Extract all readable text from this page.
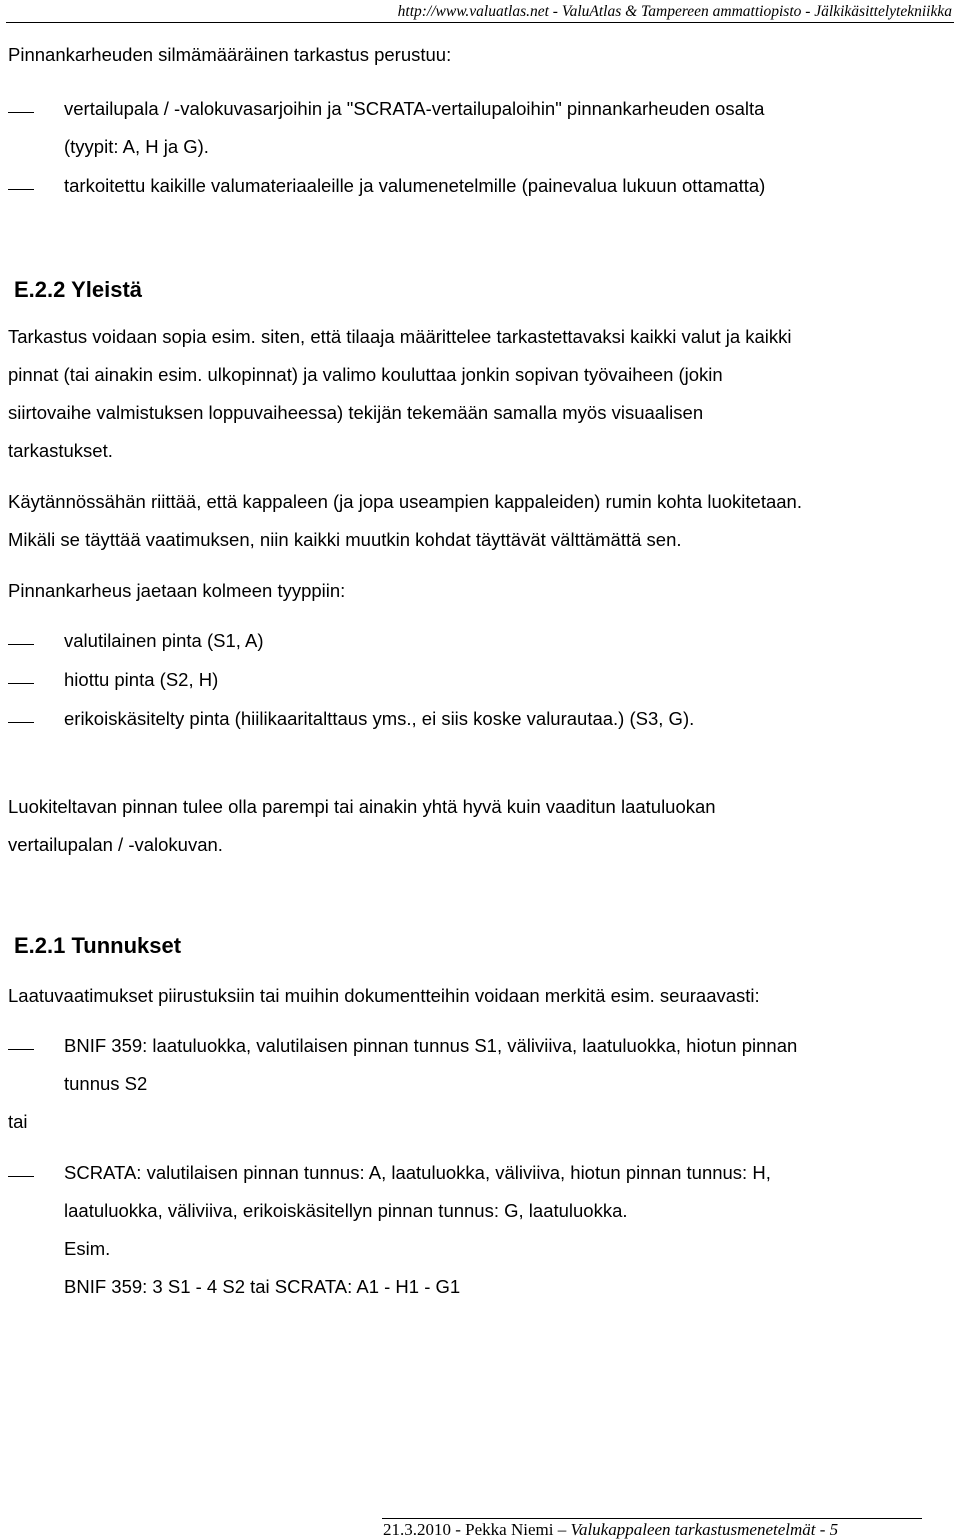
http://www.valuatlas.net - ValuAtlas & Tampereen ammattiopisto - Jälkikäsittelytekniikka
Pinnankarheuden silmämääräinen tarkastus perustuu:
vertailupala / -valokuvasarjoihin ja "SCRATA-vertailupaloihin" pinnankarheuden osalta
(tyypit: A, H ja G).
tarkoitettu kaikille valumateriaaleille ja valumenetelmille (painevalua lukuun ottamatta)
E.2.2 Yleistä
Tarkastus voidaan sopia esim. siten, että tilaaja määrittelee tarkastettavaksi kaikki valut ja kaikki
pinnat (tai ainakin esim. ulkopinnat) ja valimo kouluttaa jonkin sopivan työvaiheen (jokin
siirtovaihe valmistuksen loppuvaiheessa) tekijän tekemään samalla myös visuaalisen
tarkastukset.
Käytännössähän riittää, että kappaleen (ja jopa useampien kappaleiden) rumin kohta luokitetaan.
Mikäli se täyttää vaatimuksen, niin kaikki muutkin kohdat täyttävät välttämättä sen.
Pinnankarheus jaetaan kolmeen tyyppiin:
valutilainen pinta (S1, A)
hiottu pinta (S2, H)
erikoiskäsitelty pinta (hiilikaaritalttaus yms., ei siis koske valurautaa.) (S3, G).
Luokiteltavan pinnan tulee olla parempi tai ainakin yhtä hyvä kuin vaaditun laatuluokan
vertailupalan / -valokuvan.
E.2.1 Tunnukset
Laatuvaatimukset piirustuksiin tai muihin dokumentteihin voidaan merkitä esim. seuraavasti:
BNIF 359: laatuluokka, valutilaisen pinnan tunnus S1, väliviiva, laatuluokka, hiotun pinnan
tunnus S2
tai
SCRATA: valutilaisen pinnan tunnus: A, laatuluokka, väliviiva, hiotun pinnan tunnus: H,
laatuluokka, väliviiva, erikoiskäsitellyn pinnan tunnus: G, laatuluokka.
Esim.
BNIF 359: 3 S1 - 4 S2 tai SCRATA: A1 - H1 - G1
21.3.2010 - Pekka Niemi – Valukappaleen tarkastusmenetelmät - 5
